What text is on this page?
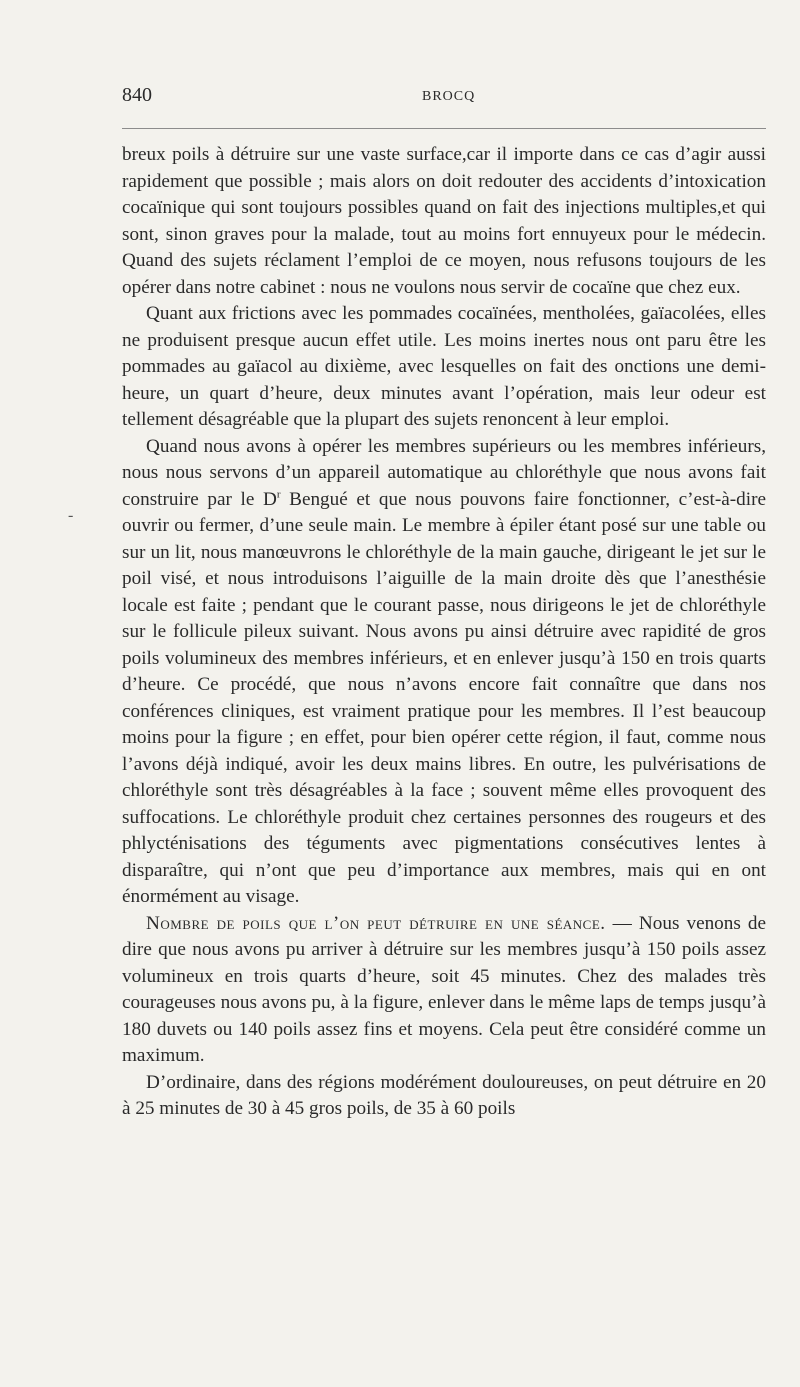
840	BROCQ
-

breux poils à détruire sur une vaste surface,car il importe dans ce cas d’agir aussi rapidement que possible ; mais alors on doit redouter des accidents d’intoxication cocaïnique qui sont toujours possibles quand on fait des injections multiples,et qui sont, sinon graves pour la malade, tout au moins fort ennuyeux pour le médecin. Quand des sujets réclament l’emploi de ce moyen, nous refusons toujours de les opérer dans notre cabinet : nous ne voulons nous servir de cocaïne que chez eux.

Quant aux frictions avec les pommades cocaïnées, mentholées, gaïacolées, elles ne produisent presque aucun effet utile. Les moins inertes nous ont paru être les pommades au gaïacol au dixième, avec lesquelles on fait des onctions une demi-heure, un quart d’heure, deux minutes avant l’opération, mais leur odeur est tellement désagréable que la plupart des sujets renoncent à leur emploi.

Quand nous avons à opérer les membres supérieurs ou les membres inférieurs, nous nous servons d’un appareil automatique au chloréthyle que nous avons fait construire par le $D^r$ Bengué et que nous pouvons faire fonctionner, c’est-à-dire ouvrir ou fermer, d’une seule main. Le membre à épiler étant posé sur une table ou sur un lit, nous manœuvrons le chloréthyle de la main gauche, dirigeant le jet sur le poil visé, et nous introduisons l’aiguille de la main droite dès que l’anesthésie locale est faite ; pendant que le courant passe, nous dirigeons le jet de chloréthyle sur le follicule pileux suivant. Nous avons pu ainsi détruire avec rapidité de gros poils volumineux des membres inférieurs, et en enlever jusqu’à 150 en trois quarts d’heure. Ce procédé, que nous n’avons encore fait connaître que dans nos conférences cliniques, est vraiment pratique pour les membres. Il l’est beaucoup moins pour la figure ; en effet, pour bien opérer cette région, il faut, comme nous l’avons déjà indiqué, avoir les deux mains libres. En outre, les pulvérisations de chloréthyle sont très désagréables à la face ; souvent même elles provoquent des suffocations. Le chloréthyle produit chez certaines personnes des rougeurs et des phlycténisations des téguments avec pigmentations consécutives lentes à disparaître, qui n’ont que peu d’importance aux membres, mais qui en ont énormément au visage.

Nombre de poils que l’on peut détruire en une séance. — Nous venons de dire que nous avons pu arriver à détruire sur les membres jusqu’à 150 poils assez volumineux en trois quarts d’heure, soit 45 minutes. Chez des malades très courageuses nous avons pu, à la figure, enlever dans le même laps de temps jusqu’à 180 duvets ou 140 poils assez fins et moyens. Cela peut être considéré comme un maximum.

D’ordinaire, dans des régions modérément douloureuses, on peut détruire en 20 à 25 minutes de 30 à 45 gros poils, de 35 à 60 poils
